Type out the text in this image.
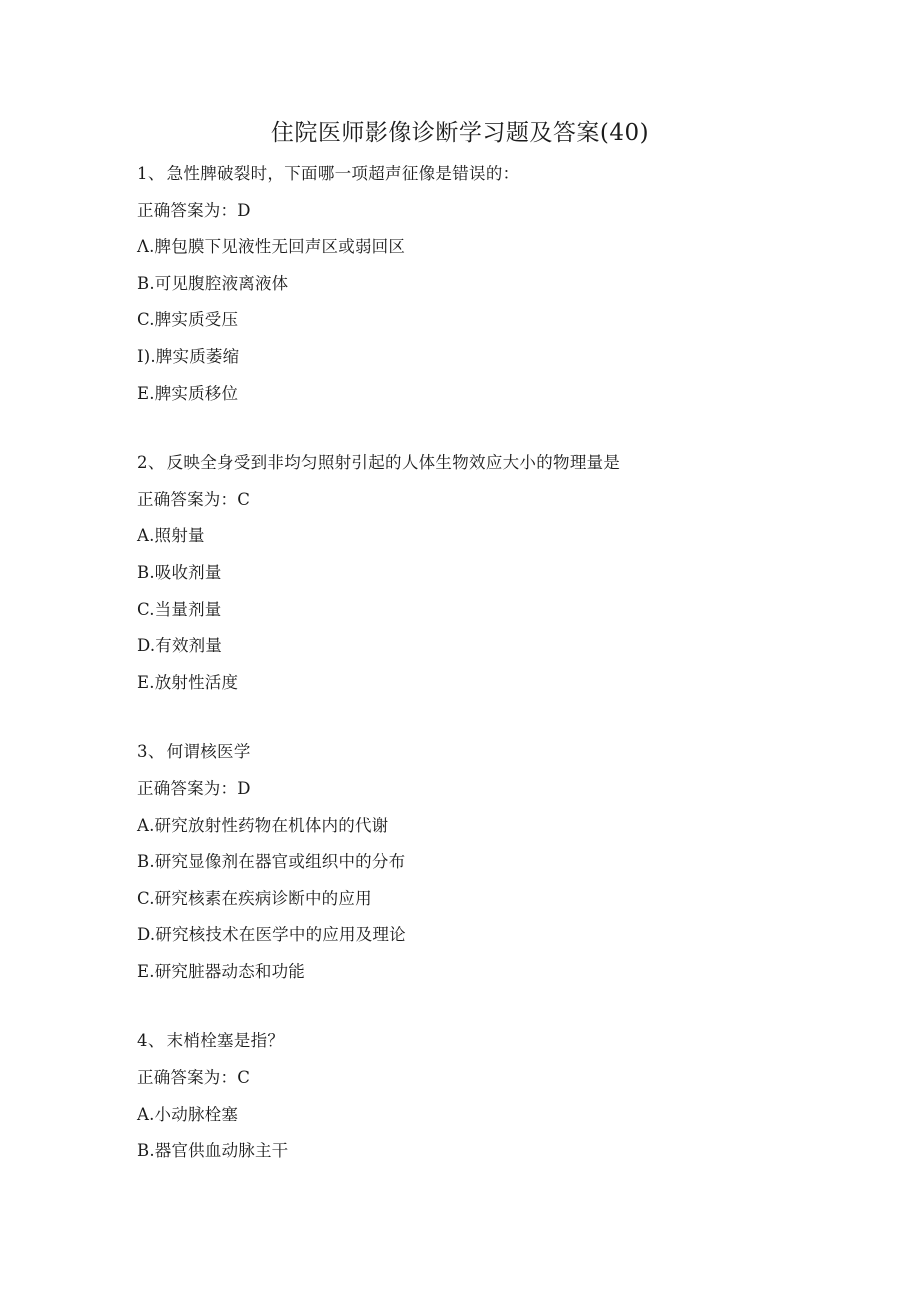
住院医师影像诊断学习题及答案(40)
1、 急性脾破裂时，下面哪一项超声征像是错误的：
正确答案为：D
Λ.脾包膜下见液性无回声区或弱回区
B.可见腹腔液离液体
C.脾实质受压
I).脾实质萎缩
E.脾实质移位
2、 反映全身受到非均匀照射引起的人体生物效应大小的物理量是
正确答案为：C
A.照射量
B.吸收剂量
C.当量剂量
D.有效剂量
E.放射性活度
3、 何谓核医学
正确答案为：D
A.研究放射性药物在机体内的代谢
B.研究显像剂在器官或组织中的分布
C.研究核素在疾病诊断中的应用
D.研究核技术在医学中的应用及理论
E.研究脏器动态和功能
4、 末梢栓塞是指？
正确答案为：C
A.小动脉栓塞
B.器官供血动脉主干
